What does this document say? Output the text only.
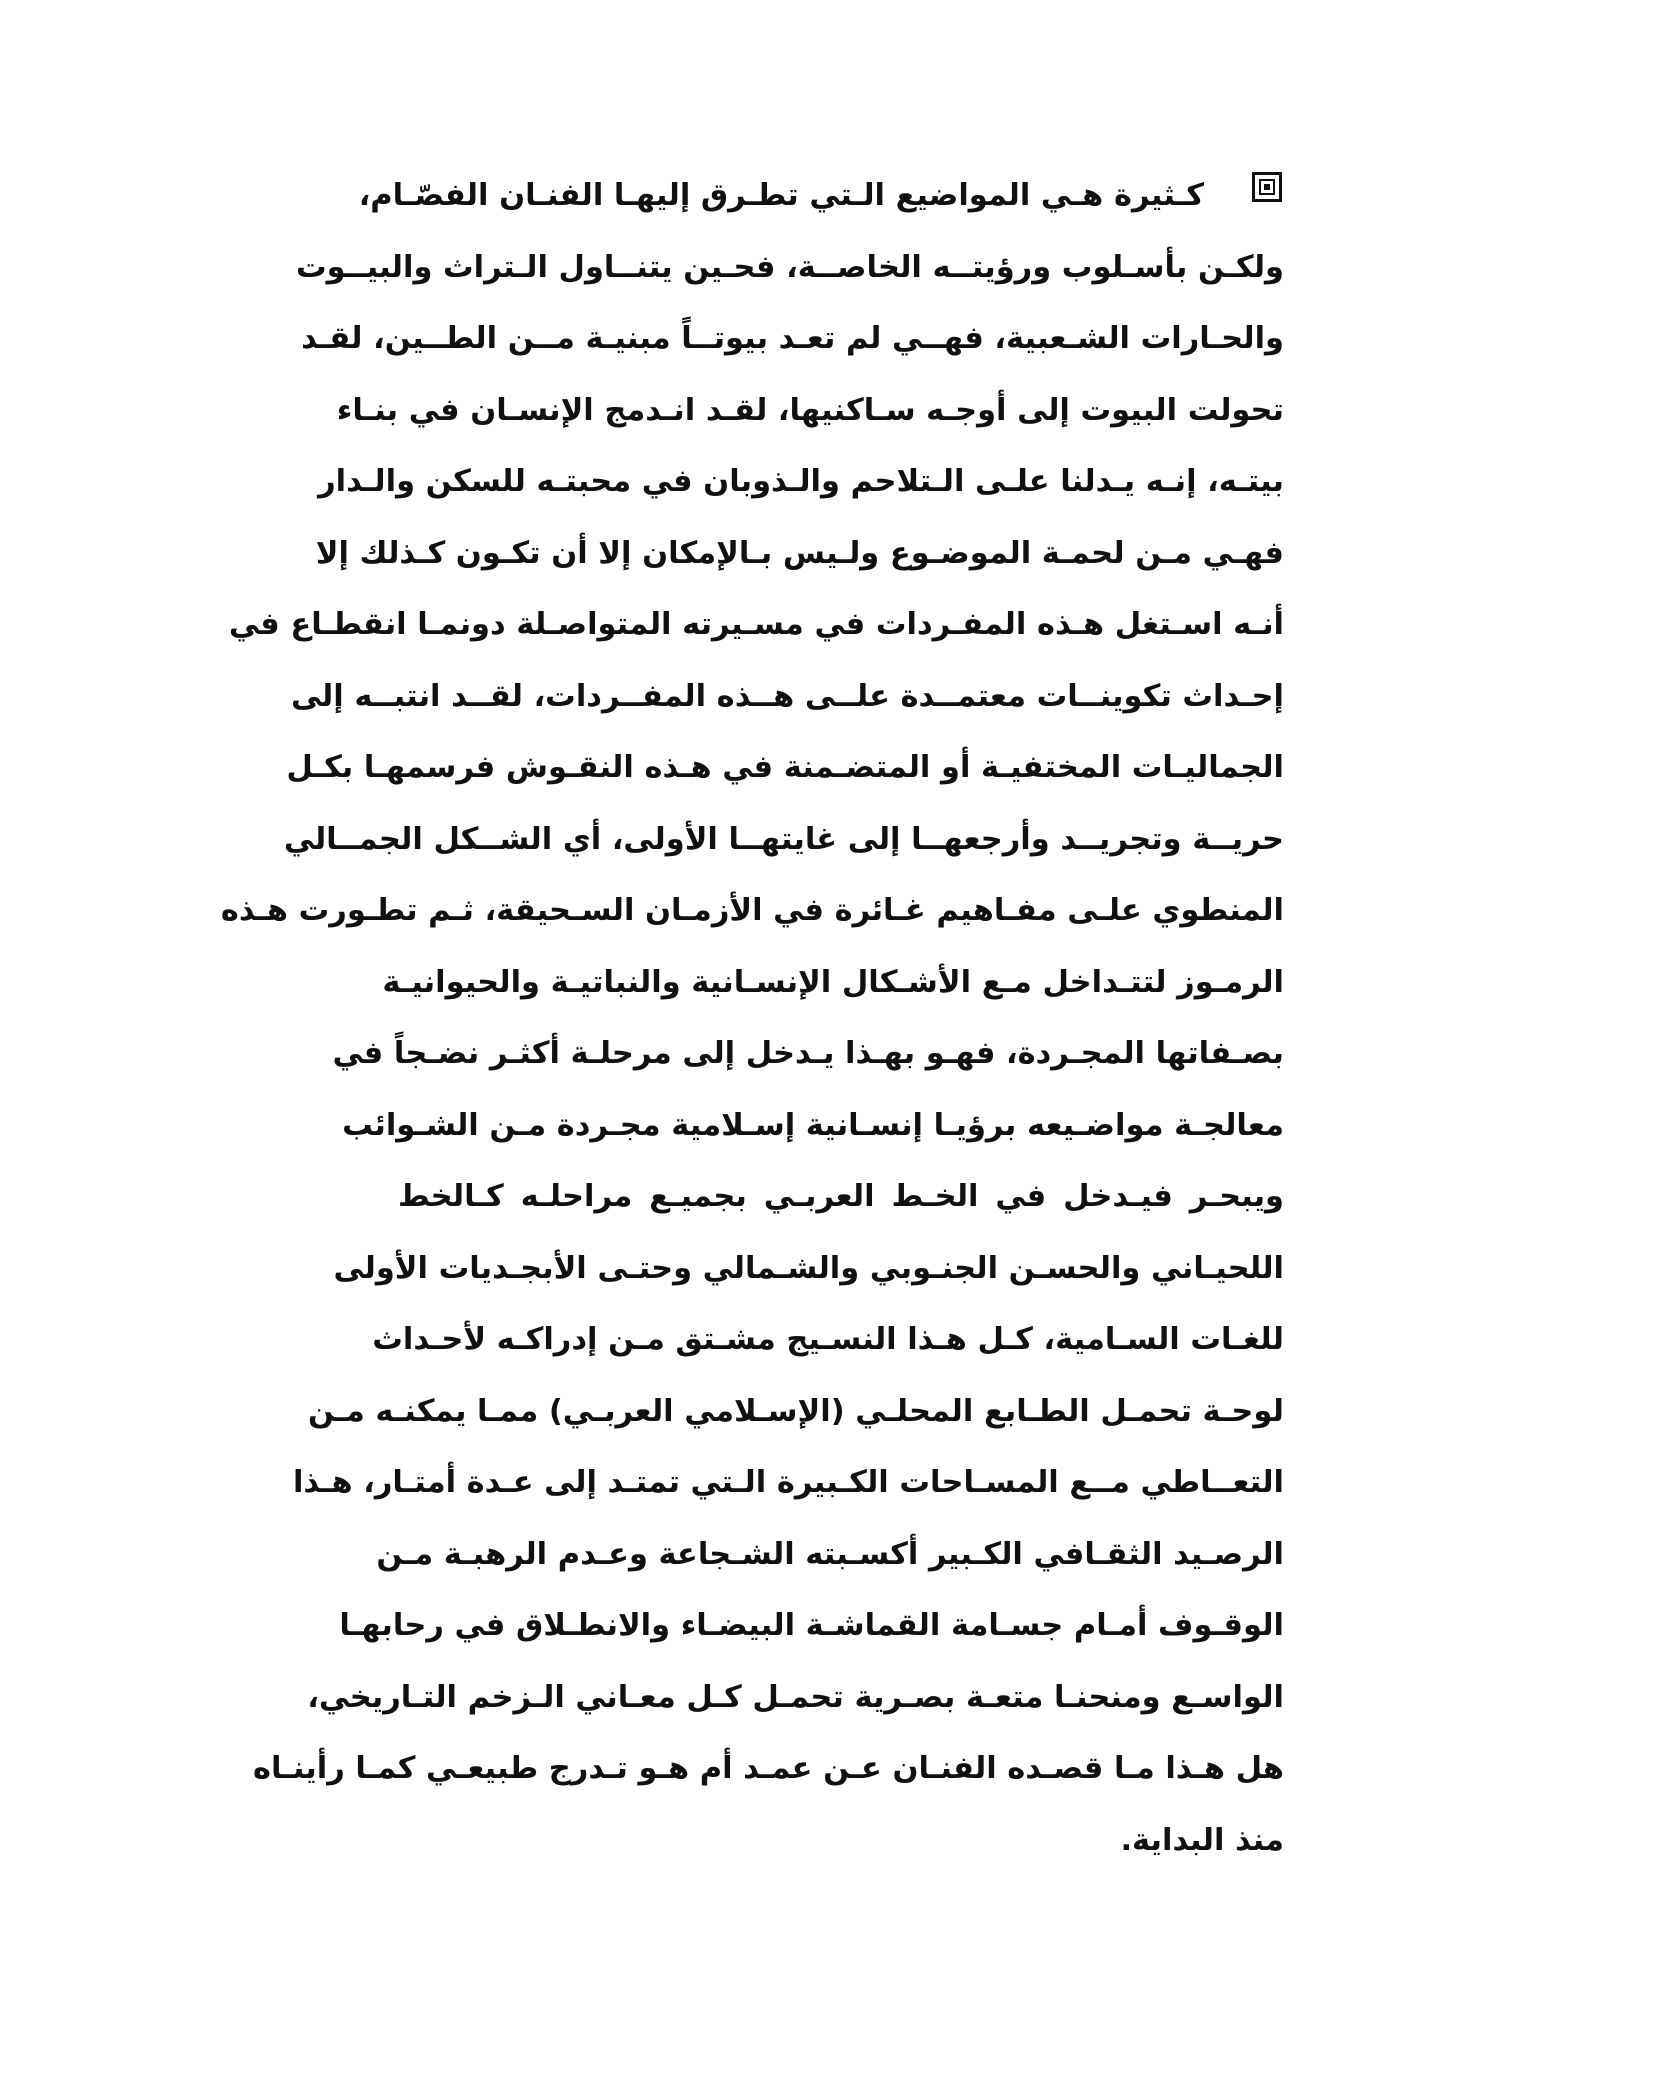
كـثيرة هـي المواضيع الـتي تطـرق إليهـا الفنـان الفصّـام،
ولكـن بأسـلوب ورؤيتــه الخاصــة، فحـين يتنــاول الـتراث والبيــوت
والحـارات الشـعبية، فهــي لم تعـد بيوتــاً مبنيـة مــن الطــين، لقـد
تحولت البيوت إلى أوجـه سـاكنيها، لقـد انـدمج الإنسـان في بنـاء
بيتـه، إنـه يـدلنا علـى الـتلاحم والـذوبان في محبتـه للسكن والـدار
فهـي مـن لحمـة الموضـوع ولـيس بـالإمكان إلا أن تكـون كـذلك إلا
أنـه اسـتغل هـذه المفـردات في مسـيرته المتواصـلة دونمـا انقطـاع في
إحـداث تكوينــات معتمــدة علــى هــذه المفــردات، لقــد انتبــه إلى
الجماليـات المختفيـة أو المتضـمنة في هـذه النقـوش فرسمهـا بكـل
حريــة وتجريــد وأرجعهــا إلى غايتهــا الأولى، أي الشــكل الجمــالي
المنطوي علـى مفـاهيم غـائرة في الأزمـان السـحيقة، ثـم تطـورت هـذه
الرمـوز لتتـداخل مـع الأشـكال الإنسـانية والنباتيـة والحيوانيـة
بصـفاتها المجـردة، فهـو بهـذا يـدخل إلى مرحلـة أكثـر نضـجاً في
معالجـة مواضـيعه برؤيـا إنسـانية إسـلامية مجـردة مـن الشـوائب
ويبحـر فيـدخل في الخـط العربـي بجميـع مراحلـه كـالخط
اللحيـاني والحسـن الجنـوبي والشـمالي وحتـى الأبجـديات الأولى
للغـات السـامية، كـل هـذا النسـيج مشـتق مـن إدراكـه لأحـداث
لوحـة تحمـل الطـابع المحلـي (الإسـلامي العربـي) ممـا يمكنـه مـن
التعــاطي مــع المسـاحات الكـبيرة الـتي تمتـد إلى عـدة أمتـار، هـذا
الرصـيد الثقـافي الكـبير أكسـبته الشـجاعة وعـدم الرهبـة مـن
الوقـوف أمـام جسـامة القماشـة البيضـاء والانطـلاق في رحابهـا
الواسـع ومنحنـا متعـة بصـرية تحمـل كـل معـاني الـزخم التـاريخي،
هل هـذا مـا قصـده الفنـان عـن عمـد أم هـو تـدرج طبيعـي كمـا رأينـاه
منذ البداية.
